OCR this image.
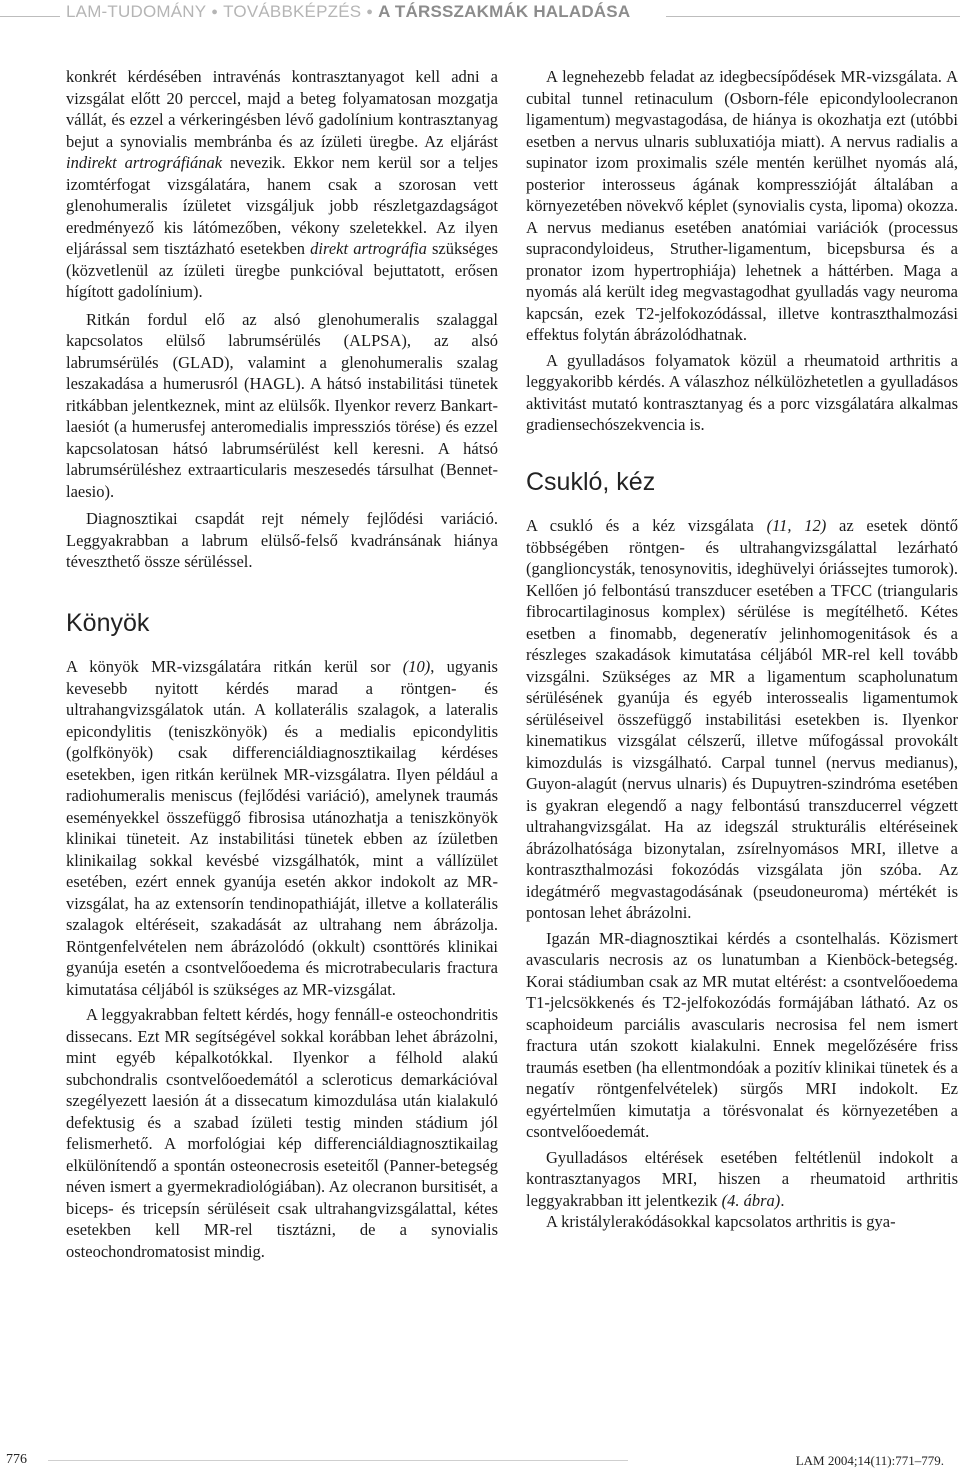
LAM-TUDOMÁNY ● TOVÁBBKÉPZÉS ● A TÁRSSZAKMÁK HALADÁSA

konkrét kérdésében intravénás kontrasztanyagot kell adni a vizsgálat előtt 20 perccel, majd a beteg folyamatosan mozgatja vállát, és ezzel a vérkeringésben lévő gadolínium kontrasztanyag bejut a synovialis membránba és az ízületi üregbe. Az eljárást indirekt artrográfiának nevezik. Ekkor nem kerül sor a teljes izomtérfogat vizsgálatára, hanem csak a szorosan vett glenohumeralis ízületet vizsgáljuk jobb részletgazdagságot eredményező kis látómezőben, vékony szeletekkel. Az ilyen eljárással sem tisztázható esetekben direkt artrográfia szükséges (közvetlenül az ízületi üregbe punkcióval bejuttatott, erősen hígított gadolínium).

Ritkán fordul elő az alsó glenohumeralis szalaggal kapcsolatos elülső labrumsérülés (ALPSA), az alsó labrumsérülés (GLAD), valamint a glenohumeralis szalag leszakadása a humerusról (HAGL). A hátsó instabilitási tünetek ritkábban jelentkeznek, mint az elülsők. Ilyenkor reverz Bankart-laesiót (a humerusfej anteromedialis impressziós törése) és ezzel kapcsolatosan hátsó labrumsérülést kell keresni. A hátsó labrumsérüléshez extraarticularis meszesedés társulhat (Bennet-laesio).

Diagnosztikai csapdát rejt némely fejlődési variáció. Leggyakrabban a labrum elülső-felső kvadránsának hiánya téveszthető össze sérüléssel.

Könyök

A könyök MR-vizsgálatára ritkán kerül sor (10), ugyanis kevesebb nyitott kérdés marad a röntgen- és ultrahangvizsgálatok után. A kollaterális szalagok, a lateralis epicondylitis (teniszkönyök) és a medialis epicondylitis (golfkönyök) csak differenciáldiagnosztikailag kérdéses esetekben, igen ritkán kerülnek MR-vizsgálatra. Ilyen például a radiohumeralis meniscus (fejlődési variáció), amelynek traumás eseményekkel összefüggő fibrosisa utánozhatja a teniszkönyök klinikai tüneteit. Az instabilitási tünetek ebben az ízületben klinikailag sokkal kevésbé vizsgálhatók, mint a vállízület esetében, ezért ennek gyanúja esetén akkor indokolt az MR-vizsgálat, ha az extensorín tendinopathiáját, illetve a kollaterális szalagok eltéréseit, szakadását az ultrahang nem ábrázolja. Röntgenfelvételen nem ábrázolódó (okkult) csonttörés klinikai gyanúja esetén a csontvelőoedema és microtrabecularis fractura kimutatása céljából is szükséges az MR-vizsgálat.

A leggyakrabban feltett kérdés, hogy fennáll-e osteochondritis dissecans. Ezt MR segítségével sokkal korábban lehet ábrázolni, mint egyéb képalkotókkal. Ilyenkor a félhold alakú subchondralis csontvelőoedemától a scleroticus demarkációval szegélyezett laesión át a dissecatum kimozdulása után kialakuló defektusig és a szabad ízületi testig minden stádium jól felismerhető. A morfológiai kép differenciáldiagnosztikailag elkülönítendő a spontán osteonecrosis eseteitől (Panner-betegség néven ismert a gyermekradiológiában). Az olecranon bursitisét, a biceps- és tricepsín sérüléseit csak ultrahangvizsgálattal, kétes esetekben kell MR-rel tisztázni, de a synovialis osteochondromatosist mindig.

A legnehezebb feladat az idegbecsípődések MR-vizsgálata. A cubital tunnel retinaculum (Osborn-féle epicondyloolecranon ligamentum) megvastagodása, de hiánya is okozhatja ezt (utóbbi esetben a nervus ulnaris subluxatiója miatt). A nervus radialis a supinator izom proximalis széle mentén kerülhet nyomás alá, posterior interosseus ágának kompresszióját általában a környezetében növekvő képlet (synovialis cysta, lipoma) okozza. A nervus medianus esetében anatómiai variációk (processus supracondyloideus, Struther-ligamentum, bicepsbursa és a pronator izom hypertrophiája) lehetnek a háttérben. Maga a nyomás alá került ideg megvastagodhat gyulladás vagy neuroma kapcsán, ezek T2-jelfokozódással, illetve kontraszthalmozási effektus folytán ábrázolódhatnak.

A gyulladásos folyamatok közül a rheumatoid arthritis a leggyakoribb kérdés. A válaszhoz nélkülözhetetlen a gyulladásos aktivitást mutató kontrasztanyag és a porc vizsgálatára alkalmas gradiensechószekvencia is.

Csukló, kéz

A csukló és a kéz vizsgálata (11, 12) az esetek döntő többségében röntgen- és ultrahangvizsgálattal lezárható (ganglioncysták, tenosynovitis, ideghüvelyi óriássejtes tumorok). Kellően jó felbontású transzducer esetében a TFCC (triangularis fibrocartilaginosus komplex) sérülése is megítélhető. Kétes esetben a finomabb, degeneratív jelinhomogenitások és a részleges szakadások kimutatása céljából MR-rel kell tovább vizsgálni. Szükséges az MR a ligamentum scapholunatum sérülésének gyanúja és egyéb interossealis ligamentumok sérüléseivel összefüggő instabilitási esetekben is. Ilyenkor kinematikus vizsgálat célszerű, illetve műfogással provokált kimozdulás is vizsgálható. Carpal tunnel (nervus medianus), Guyon-alagút (nervus ulnaris) és Dupuytren-szindróma esetében is gyakran elegendő a nagy felbontású transzducerrel végzett ultrahangvizsgálat. Ha az idegszál strukturális eltéréseinek ábrázolhatósága bizonytalan, zsírelnyomásos MRI, illetve a kontraszthalmozási fokozódás vizsgálata jön szóba. Az idegátmérő megvastagodásának (pseudoneuroma) mértékét is pontosan lehet ábrázolni.

Igazán MR-diagnosztikai kérdés a csontelhalás. Közismert avascularis necrosis az os lunatumban a Kienböck-betegség. Korai stádiumban csak az MR mutat eltérést: a csontvelőoedema T1-jelcsökkenés és T2-jelfokozódás formájában látható. Az os scaphoideum parciális avascularis necrosisa fel nem ismert fractura után szokott kialakulni. Ennek megelőzésére friss traumás esetben (ha ellentmondóak a pozitív klinikai tünetek és a negatív röntgenfelvételek) sürgős MRI indokolt. Ez egyértelműen kimutatja a törésvonalat és környezetében a csontvelőoedemát.

Gyulladásos eltérések esetében feltétlenül indokolt a kontrasztanyagos MRI, hiszen a rheumatoid arthritis leggyakrabban itt jelentkezik (4. ábra).

A kristálylerakódásokkal kapcsolatos arthritis is gya-

776	LAM 2004;14(11):771–779.
